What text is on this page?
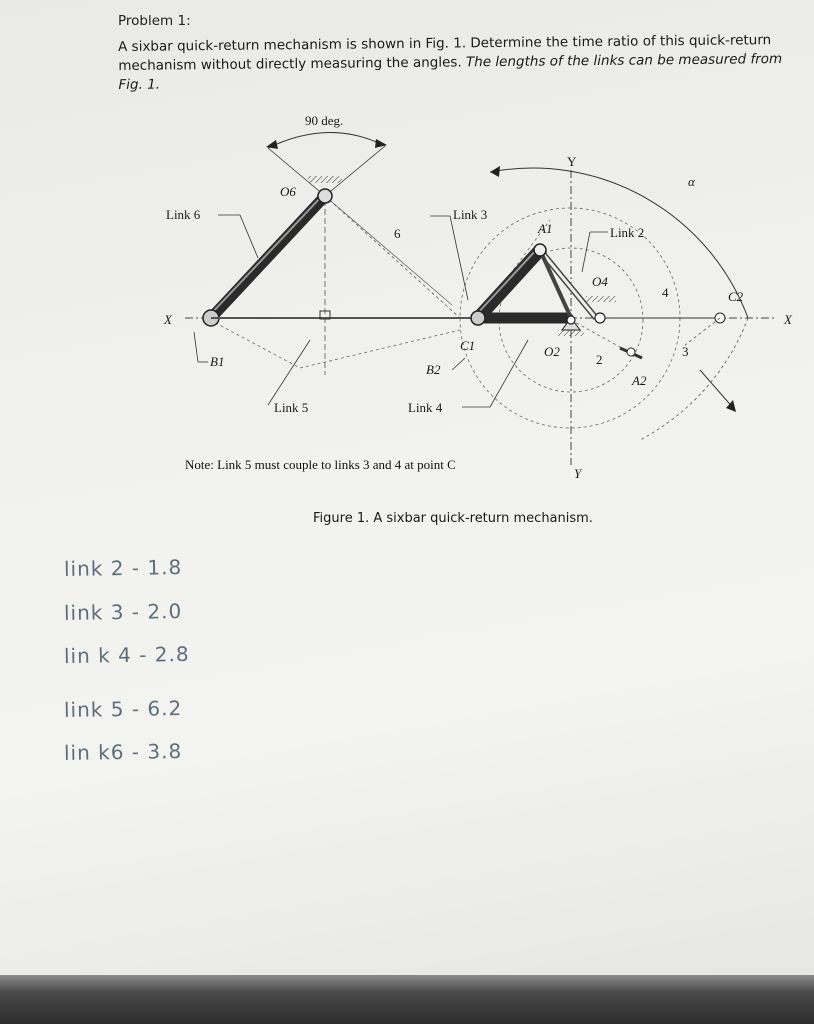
Problem 1:
A sixbar quick-return mechanism is shown in Fig. 1. Determine the time ratio of this quick-return mechanism without directly measuring the angles. The lengths of the links can be measured from Fig. 1.
90 deg.
O6
Link 6
6
Link 3
A1
Y
α
Link 2
O4
4	C2
X	X
C1	O2
2
3
A2
B1
B2
Link 5	Link 4
Y
Note: Link 5 must couple to links 3 and 4 at point C
Figure 1. A sixbar quick-return mechanism.
link 2 - 1.8
link 3 - 2.0
lin k 4 - 2.8
link 5 - 6.2
lin k6 - 3.8
